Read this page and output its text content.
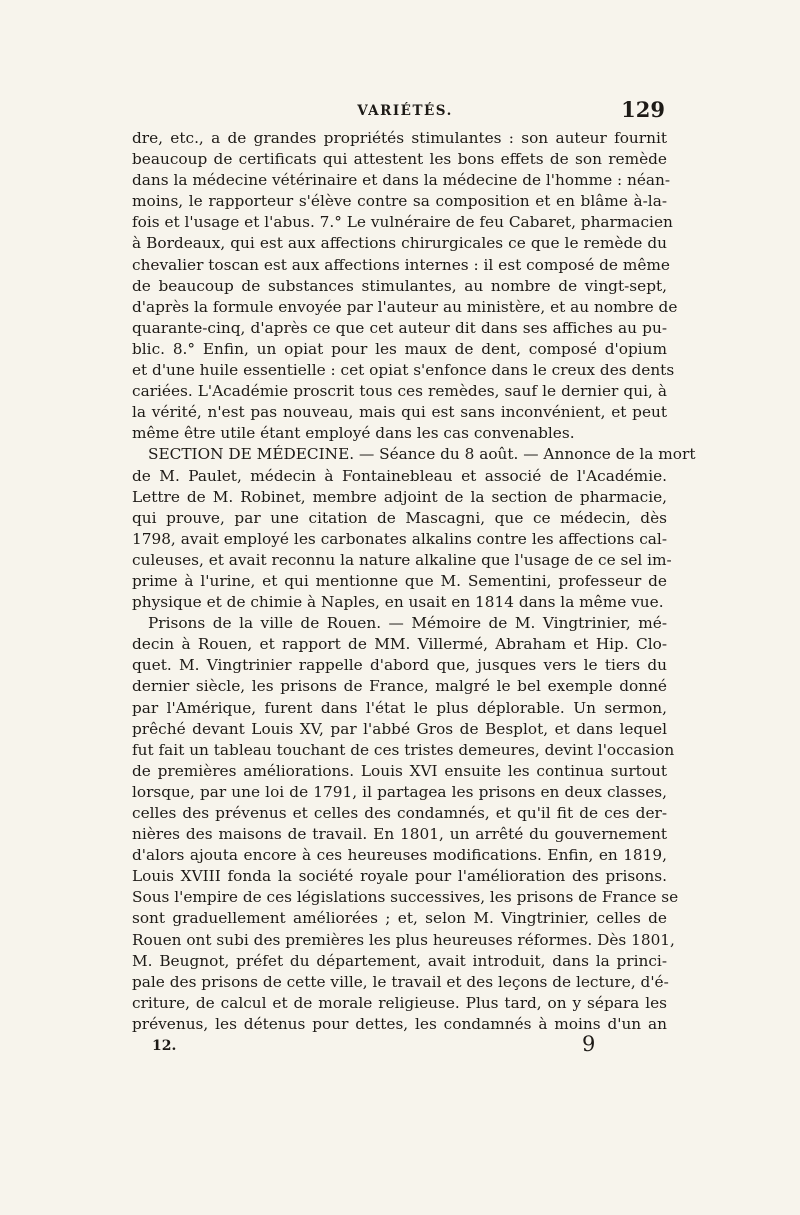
VARIÉTÉS.	129
dre, etc., a de grandes propriétés stimulantes : son auteur fournit
beaucoup de certificats qui attestent les bons effets de son remède
dans la médecine vétérinaire et dans la médecine de l'homme : néan-
moins, le rapporteur s'élève contre sa composition et en blâme à-la-
fois et l'usage et l'abus. 7.° Le vulnéraire de feu Cabaret, pharmacien
à Bordeaux, qui est aux affections chirurgicales ce que le remède du
chevalier toscan est aux affections internes : il est composé de même
de beaucoup de substances stimulantes, au nombre de vingt-sept,
d'après la formule envoyée par l'auteur au ministère, et au nombre de
quarante-cinq, d'après ce que cet auteur dit dans ses affiches au pu-
blic. 8.° Enfin, un opiat pour les maux de dent, composé d'opium
et d'une huile essentielle : cet opiat s'enfonce dans le creux des dents
cariées. L'Académie proscrit tous ces remèdes, sauf le dernier qui, à
la vérité, n'est pas nouveau, mais qui est sans inconvénient, et peut
même être utile étant employé dans les cas convenables.
SECTION DE MÉDECINE. — Séance du 8 août. — Annonce de la mort
de M. Paulet, médecin à Fontainebleau et associé de l'Académie.
Lettre de M. Robinet, membre adjoint de la section de pharmacie,
qui prouve, par une citation de Mascagni, que ce médecin, dès
1798, avait employé les carbonates alkalins contre les affections cal-
culeuses, et avait reconnu la nature alkaline que l'usage de ce sel im-
prime à l'urine, et qui mentionne que M. Sementini, professeur de
physique et de chimie à Naples, en usait en 1814 dans la même vue.
Prisons de la ville de Rouen. — Mémoire de M. Vingtrinier, mé-
decin à Rouen, et rapport de MM. Villermé, Abraham et Hip. Clo-
quet. M. Vingtrinier rappelle d'abord que, jusques vers le tiers du
dernier siècle, les prisons de France, malgré le bel exemple donné
par l'Amérique, furent dans l'état le plus déplorable. Un sermon,
prêché devant Louis XV, par l'abbé Gros de Besplot, et dans lequel
fut fait un tableau touchant de ces tristes demeures, devint l'occasion
de premières améliorations. Louis XVI ensuite les continua surtout
lorsque, par une loi de 1791, il partagea les prisons en deux classes,
celles des prévenus et celles des condamnés, et qu'il fit de ces der-
nières des maisons de travail. En 1801, un arrêté du gouvernement
d'alors ajouta encore à ces heureuses modifications. Enfin, en 1819,
Louis XVIII fonda la société royale pour l'amélioration des prisons.
Sous l'empire de ces législations successives, les prisons de France se
sont graduellement améliorées ; et, selon M. Vingtrinier, celles de
Rouen ont subi des premières les plus heureuses réformes. Dès 1801,
M. Beugnot, préfet du département, avait introduit, dans la princi-
pale des prisons de cette ville, le travail et des leçons de lecture, d'é-
criture, de calcul et de morale religieuse. Plus tard, on y sépara les
prévenus, les détenus pour dettes, les condamnés à moins d'un an
12.	9
